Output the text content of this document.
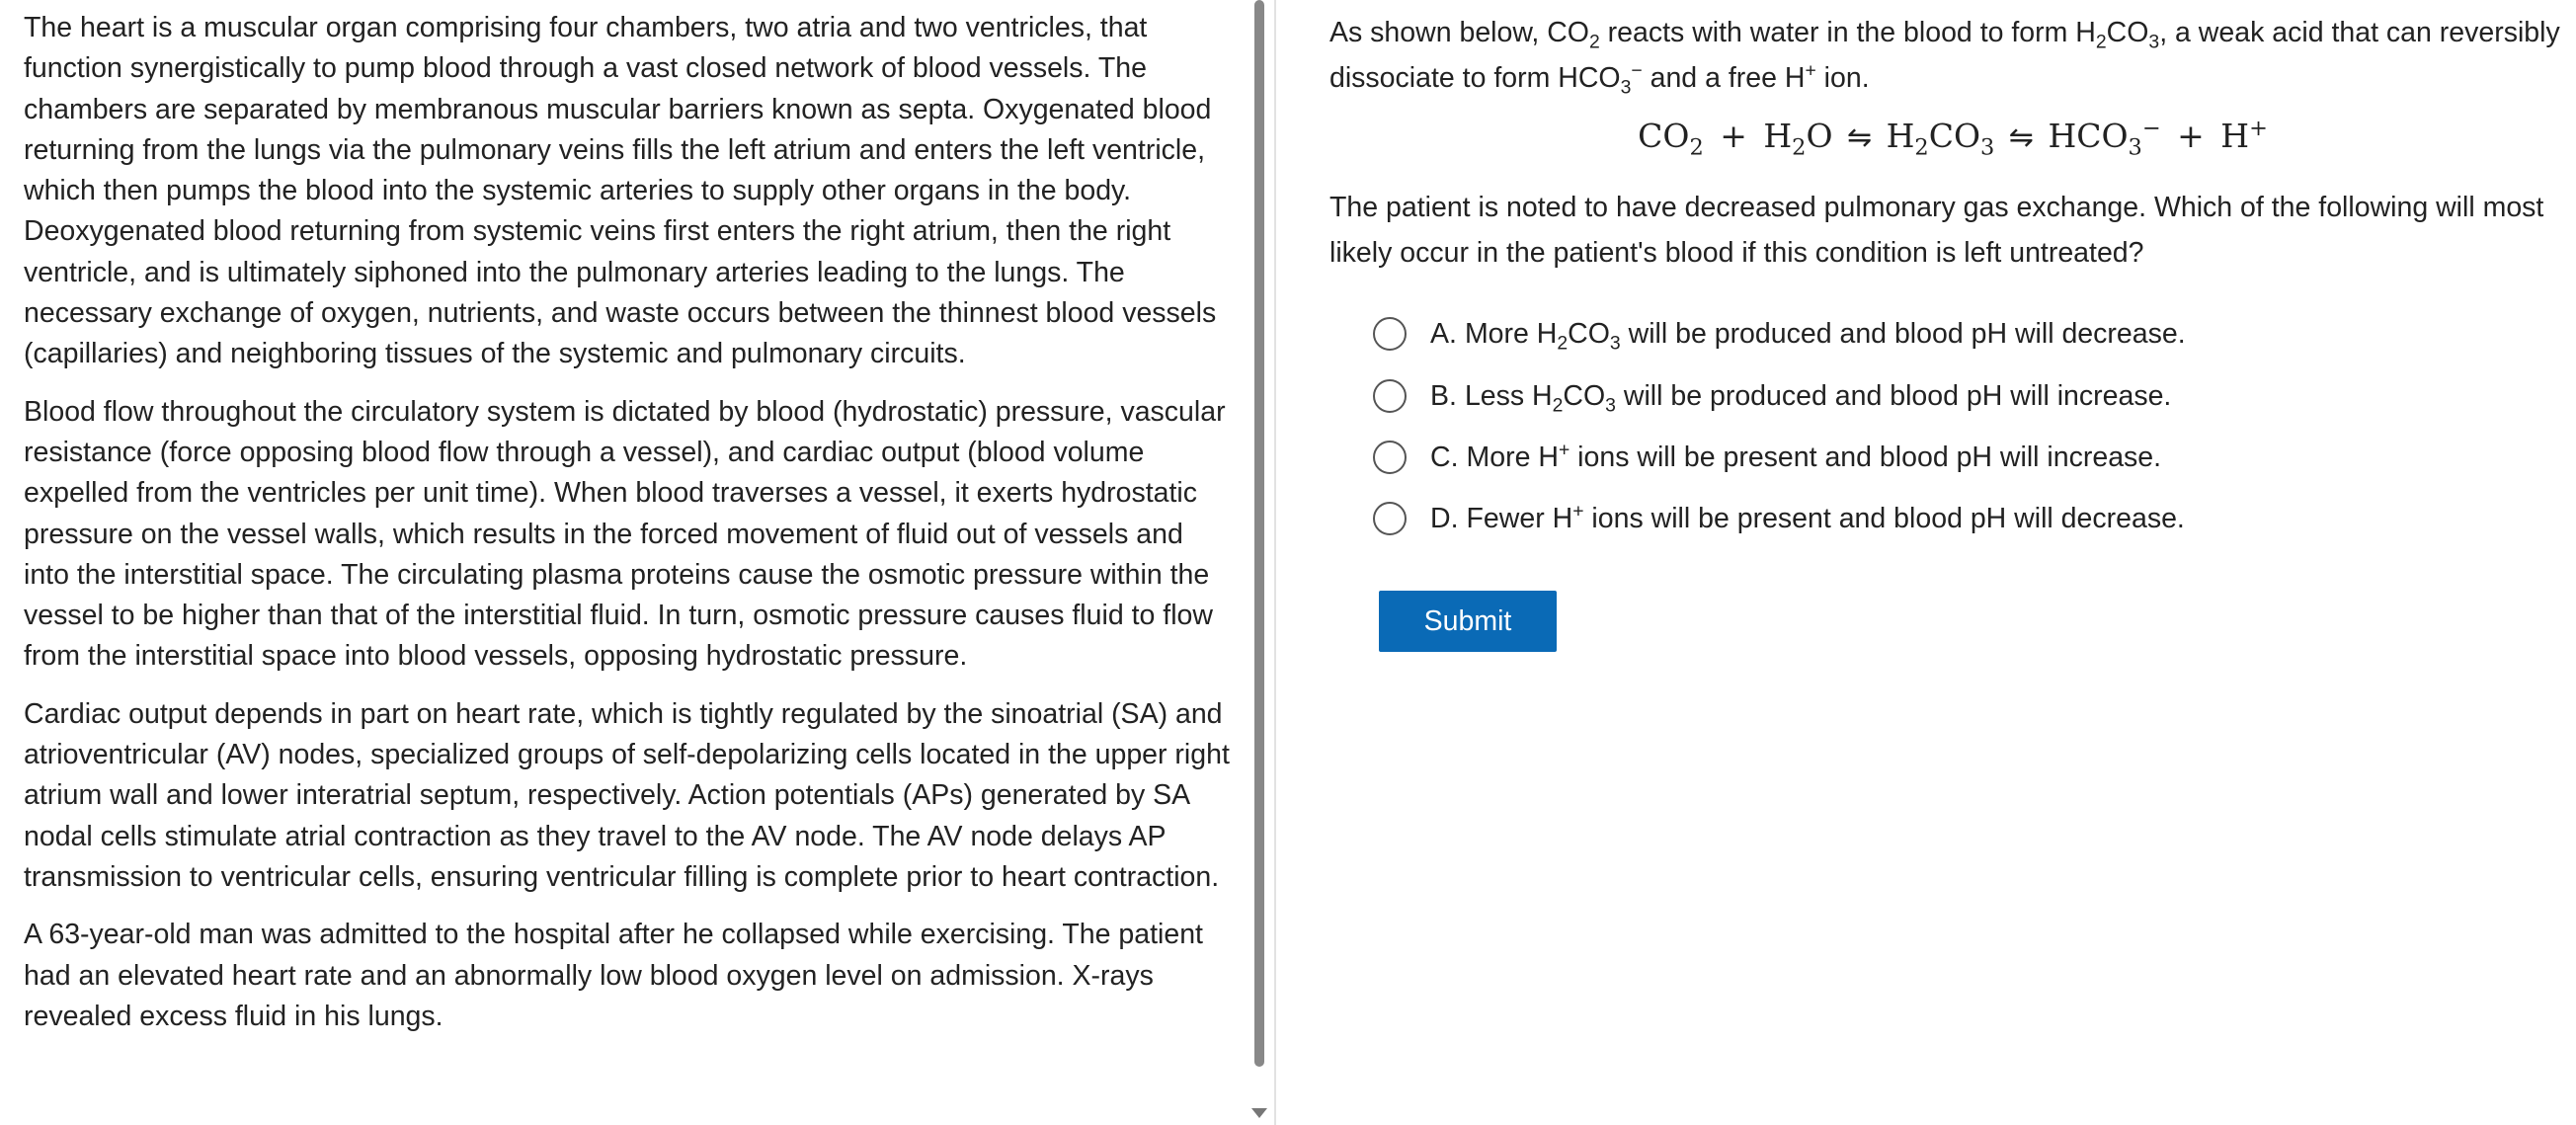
The heart is a muscular organ comprising four chambers, two atria and two ventricles, that function synergistically to pump blood through a vast closed network of blood vessels. The chambers are separated by membranous muscular barriers known as septa. Oxygenated blood returning from the lungs via the pulmonary veins fills the left atrium and enters the left ventricle, which then pumps the blood into the systemic arteries to supply other organs in the body. Deoxygenated blood returning from systemic veins first enters the right atrium, then the right ventricle, and is ultimately siphoned into the pulmonary arteries leading to the lungs. The necessary exchange of oxygen, nutrients, and waste occurs between the thinnest blood vessels (capillaries) and neighboring tissues of the systemic and pulmonary circuits.

Blood flow throughout the circulatory system is dictated by blood (hydrostatic) pressure, vascular resistance (force opposing blood flow through a vessel), and cardiac output (blood volume expelled from the ventricles per unit time). When blood traverses a vessel, it exerts hydrostatic pressure on the vessel walls, which results in the forced movement of fluid out of vessels and into the interstitial space. The circulating plasma proteins cause the osmotic pressure within the vessel to be higher than that of the interstitial fluid. In turn, osmotic pressure causes fluid to flow from the interstitial space into blood vessels, opposing hydrostatic pressure.

Cardiac output depends in part on heart rate, which is tightly regulated by the sinoatrial (SA) and atrioventricular (AV) nodes, specialized groups of self-depolarizing cells located in the upper right atrium wall and lower interatrial septum, respectively. Action potentials (APs) generated by SA nodal cells stimulate atrial contraction as they travel to the AV node. The AV node delays AP transmission to ventricular cells, ensuring ventricular filling is complete prior to heart contraction.

A 63-year-old man was admitted to the hospital after he collapsed while exercising. The patient had an elevated heart rate and an abnormally low blood oxygen level on admission. X-rays revealed excess fluid in his lungs.

As shown below, $CO_2$ reacts with water in the blood to form $H_2CO_3$, a weak acid that can reversibly dissociate to form $HCO_3^-$ and a free H+ ion.

$CO_2 + H_2O$ ⇋ $H_2CO_3$ ⇋ $HCO_3^- + H^+$

The patient is noted to have decreased pulmonary gas exchange. Which of the following will most likely occur in the patient's blood if this condition is left untreated?

A. More $H_2CO_3$ will be produced and blood pH will decrease.
B. Less $H_2CO_3$ will be produced and blood pH will increase.
C. More H+ ions will be present and blood pH will increase.
D. Fewer H+ ions will be present and blood pH will decrease.
Submit
